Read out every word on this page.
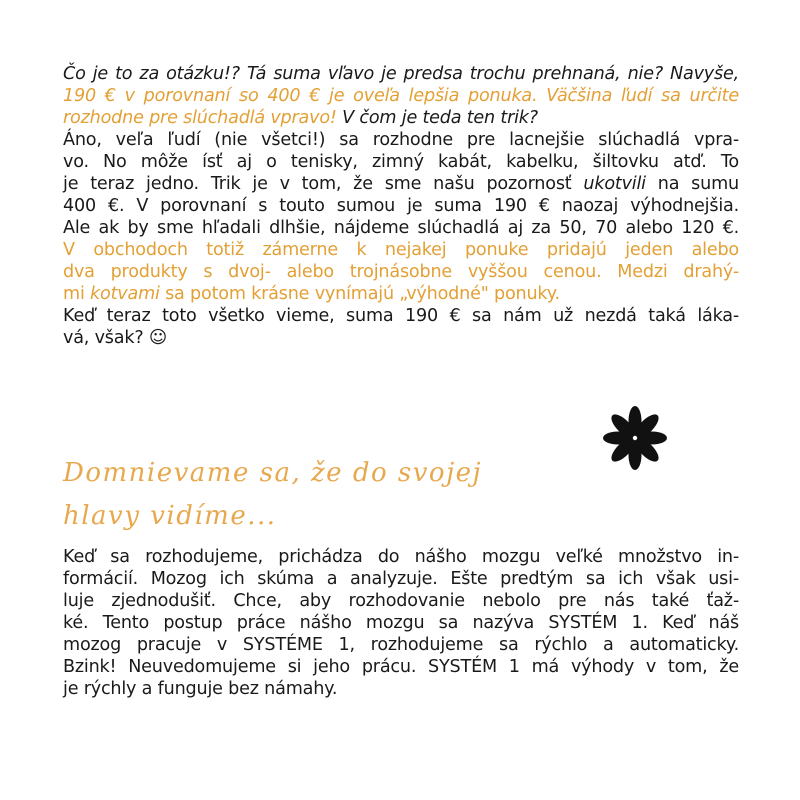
Čo je to za otázku!? Tá suma vľavo je predsa trochu prehnaná, nie? Navyše,
190 € v porovnaní so 400 € je oveľa lepšia ponuka. Väčšina ľudí sa určite
rozhodne pre slúchadlá vpravo! V čom je teda ten trik?
Áno, veľa ľudí (nie všetci!) sa rozhodne pre lacnejšie slúchadlá vpra-
vo. No môže ísť aj o tenisky, zimný kabát, kabelku, šiltovku atď. To
je teraz jedno. Trik je v tom, že sme našu pozornosť ukotvili na sumu
400 €. V porovnaní s touto sumou je suma 190 € naozaj výhodnejšia.
Ale ak by sme hľadali dlhšie, nájdeme slúchadlá aj za 50, 70 alebo 120 €.
V obchodoch totiž zámerne k nejakej ponuke pridajú jeden alebo
dva produkty s dvoj- alebo trojnásobne vyššou cenou. Medzi drahý-
mi kotvami sa potom krásne vynímajú „výhodné" ponuky.
Keď teraz toto všetko vieme, suma 190 € sa nám už nezdá taká láka-
vá, však? ☺
Domnievame sa, že do svojej
hlavy vidíme...
Keď sa rozhodujeme, prichádza do nášho mozgu veľké množstvo in-
formácií. Mozog ich skúma a analyzuje. Ešte predtým sa ich však usi-
luje zjednodušiť. Chce, aby rozhodovanie nebolo pre nás také ťaž-
ké. Tento postup práce nášho mozgu sa nazýva SYSTÉM 1. Keď náš
mozog pracuje v SYSTÉME 1, rozhodujeme sa rýchlo a automaticky.
Bzink! Neuvedomujeme si jeho prácu. SYSTÉM 1 má výhody v tom, že
je rýchly a funguje bez námahy.
